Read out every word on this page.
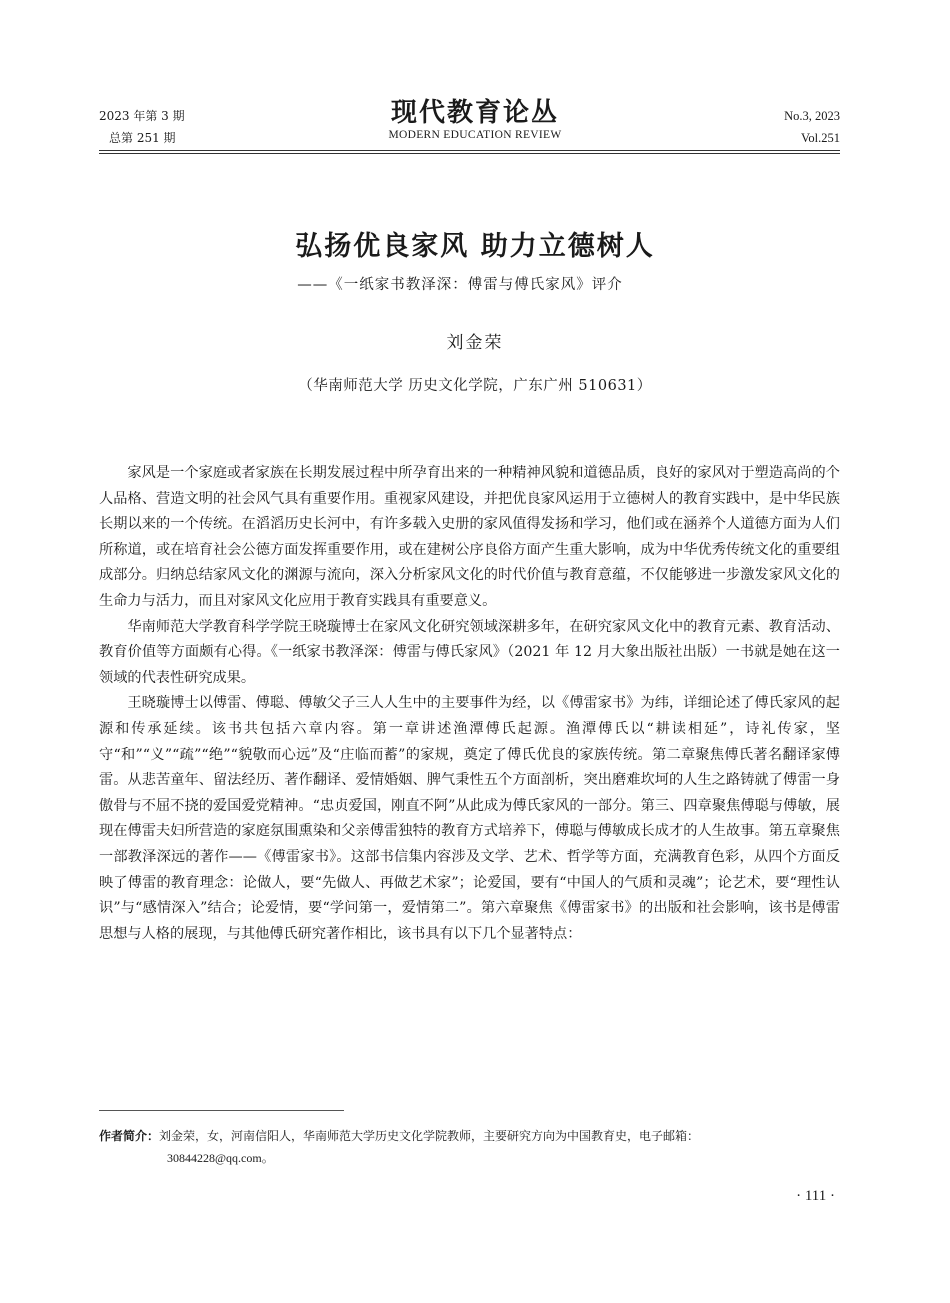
2023 年第 3 期
总第 251 期
现代教育论丛
MODERN EDUCATION REVIEW
No.3, 2023
Vol.251
弘扬优良家风 助力立德树人
——《一纸家书教泽深：傅雷与傅氏家风》评介
刘金荣
（华南师范大学 历史文化学院，广东广州 510631）

家风是一个家庭或者家族在长期发展过程中所孕育出来的一种精神风貌和道德品质，良好的家风对于塑造高尚的个人品格、营造文明的社会风气具有重要作用。重视家风建设，并把优良家风运用于立德树人的教育实践中，是中华民族长期以来的一个传统。在滔滔历史长河中，有许多载入史册的家风值得发扬和学习，他们或在涵养个人道德方面为人们所称道，或在培育社会公德方面发挥重要作用，或在建树公序良俗方面产生重大影响，成为中华优秀传统文化的重要组成部分。归纳总结家风文化的渊源与流向，深入分析家风文化的时代价值与教育意蕴，不仅能够进一步激发家风文化的生命力与活力，而且对家风文化应用于教育实践具有重要意义。

华南师范大学教育科学学院王晓璇博士在家风文化研究领域深耕多年，在研究家风文化中的教育元素、教育活动、教育价值等方面颇有心得。《一纸家书教泽深：傅雷与傅氏家风》（2021 年 12 月大象出版社出版）一书就是她在这一领域的代表性研究成果。

王晓璇博士以傅雷、傅聪、傅敏父子三人人生中的主要事件为经，以《傅雷家书》为纬，详细论述了傅氏家风的起源和传承延续。该书共包括六章内容。第一章讲述渔潭傅氏起源。渔潭傅氏以“耕读相延”，诗礼传家，坚守“和”“义”“疏”“绝”“貌敬而心远”及“庄临而蓄”的家规，奠定了傅氏优良的家族传统。第二章聚焦傅氏著名翻译家傅雷。从悲苦童年、留法经历、著作翻译、爱情婚姻、脾气秉性五个方面剖析，突出磨难坎坷的人生之路铸就了傅雷一身傲骨与不屈不挠的爱国爱党精神。“忠贞爱国，刚直不阿”从此成为傅氏家风的一部分。第三、四章聚焦傅聪与傅敏，展现在傅雷夫妇所营造的家庭氛围熏染和父亲傅雷独特的教育方式培养下，傅聪与傅敏成长成才的人生故事。第五章聚焦一部教泽深远的著作——《傅雷家书》。这部书信集内容涉及文学、艺术、哲学等方面，充满教育色彩，从四个方面反映了傅雷的教育理念：论做人，要“先做人、再做艺术家”；论爱国，要有“中国人的气质和灵魂”；论艺术，要“理性认识”与“感情深入”结合；论爱情，要“学问第一，爱情第二”。第六章聚焦《傅雷家书》的出版和社会影响，该书是傅雷思想与人格的展现，与其他傅氏研究著作相比，该书具有以下几个显著特点：

作者简介：刘金荣，女，河南信阳人，华南师范大学历史文化学院教师，主要研究方向为中国教育史，电子邮箱：
30844228@qq.com。
· 111 ·
